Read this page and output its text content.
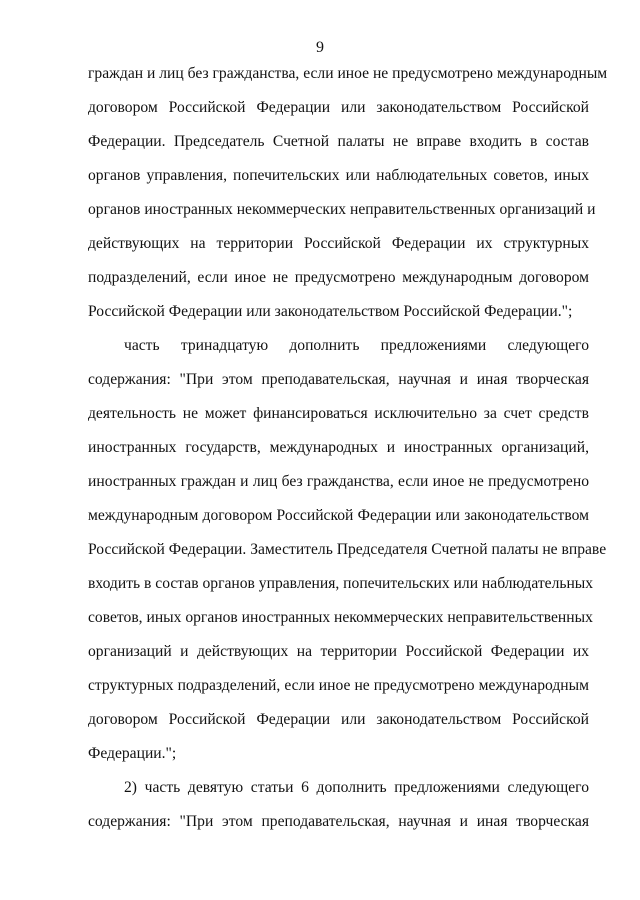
9
граждан и лиц без гражданства, если иное не предусмотрено международным
договором Российской Федерации или законодательством Российской
Федерации. Председатель Счетной палаты не вправе входить в состав
органов управления, попечительских или наблюдательных советов, иных
органов иностранных некоммерческих неправительственных организаций и
действующих на территории Российской Федерации их структурных
подразделений, если иное не предусмотрено международным договором
Российской Федерации или законодательством Российской Федерации.";
часть тринадцатую дополнить предложениями следующего
содержания: "При этом преподавательская, научная и иная творческая
деятельность не может финансироваться исключительно за счет средств
иностранных государств, международных и иностранных организаций,
иностранных граждан и лиц без гражданства, если иное не предусмотрено
международным договором Российской Федерации или законодательством
Российской Федерации. Заместитель Председателя Счетной палаты не вправе
входить в состав органов управления, попечительских или наблюдательных
советов, иных органов иностранных некоммерческих неправительственных
организаций и действующих на территории Российской Федерации их
структурных подразделений, если иное не предусмотрено международным
договором Российской Федерации или законодательством Российской
Федерации.";
2) часть девятую статьи 6 дополнить предложениями следующего
содержания: "При этом преподавательская, научная и иная творческая
